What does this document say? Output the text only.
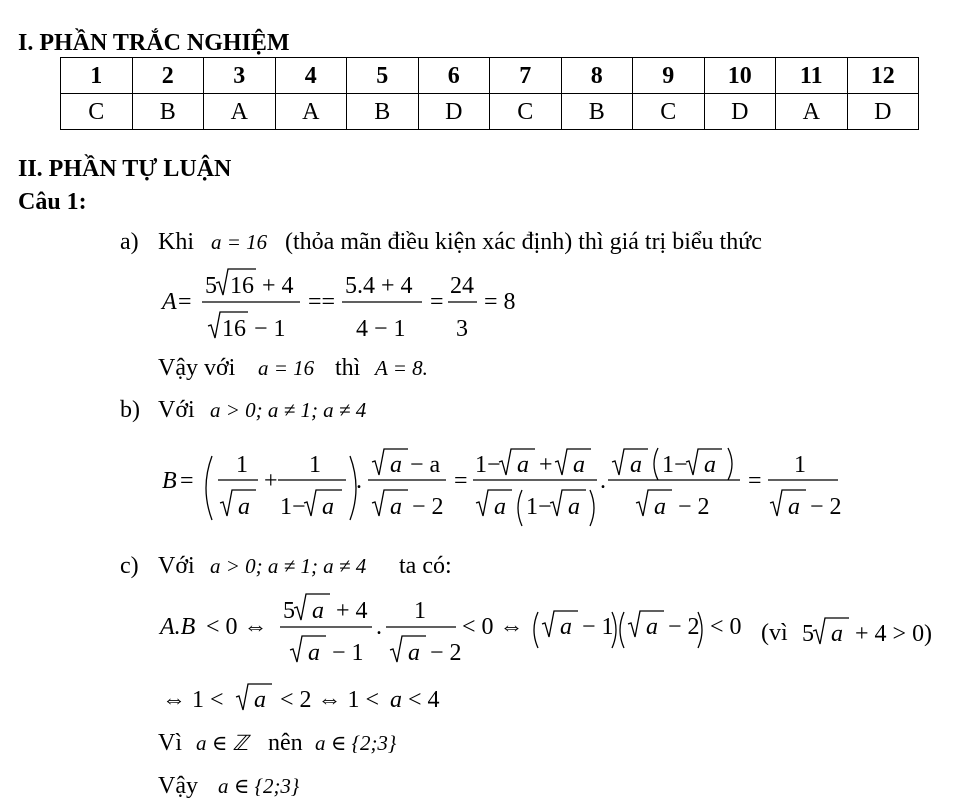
I. PHẦN TRẮC NGHIỆM
1	2	3	4	5	6	7	8	9	10	11	12
C	B	A	A	B	D	C	B	C	D	A	D
II. PHẦN TỰ LUẬN
Câu 1:
a) Khi a = 16 (thỏa mãn điều kiện xác định) thì giá trị biểu thức
A =
5 16 + 4
16 − 1
==
5.4 + 4
4 − 1
=
24
3
= 8
Vậy với a = 16 thì A = 8.
b) Với a > 0; a ≠ 1; a ≠ 4
B =
1
a
+
1
1− a
.
a − a
a − 2
=
1− a + a
a 1− a
.
a 1− a
a − 2
=
1
a − 2
c) Với a > 0; a ≠ 1; a ≠ 4 ta có:
A.B < 0 ⇔
5 a + 4
a − 1
.
1
a − 2
< 0 ⇔ a − 1 a − 2 < 0 (vì 5 a + 4 > 0 )
⇔ 1 < a < 2 ⇔ 1 < a < 4
Vì a ∈ ℤ nên a ∈ {2;3}
Vậy a ∈ {2;3}
